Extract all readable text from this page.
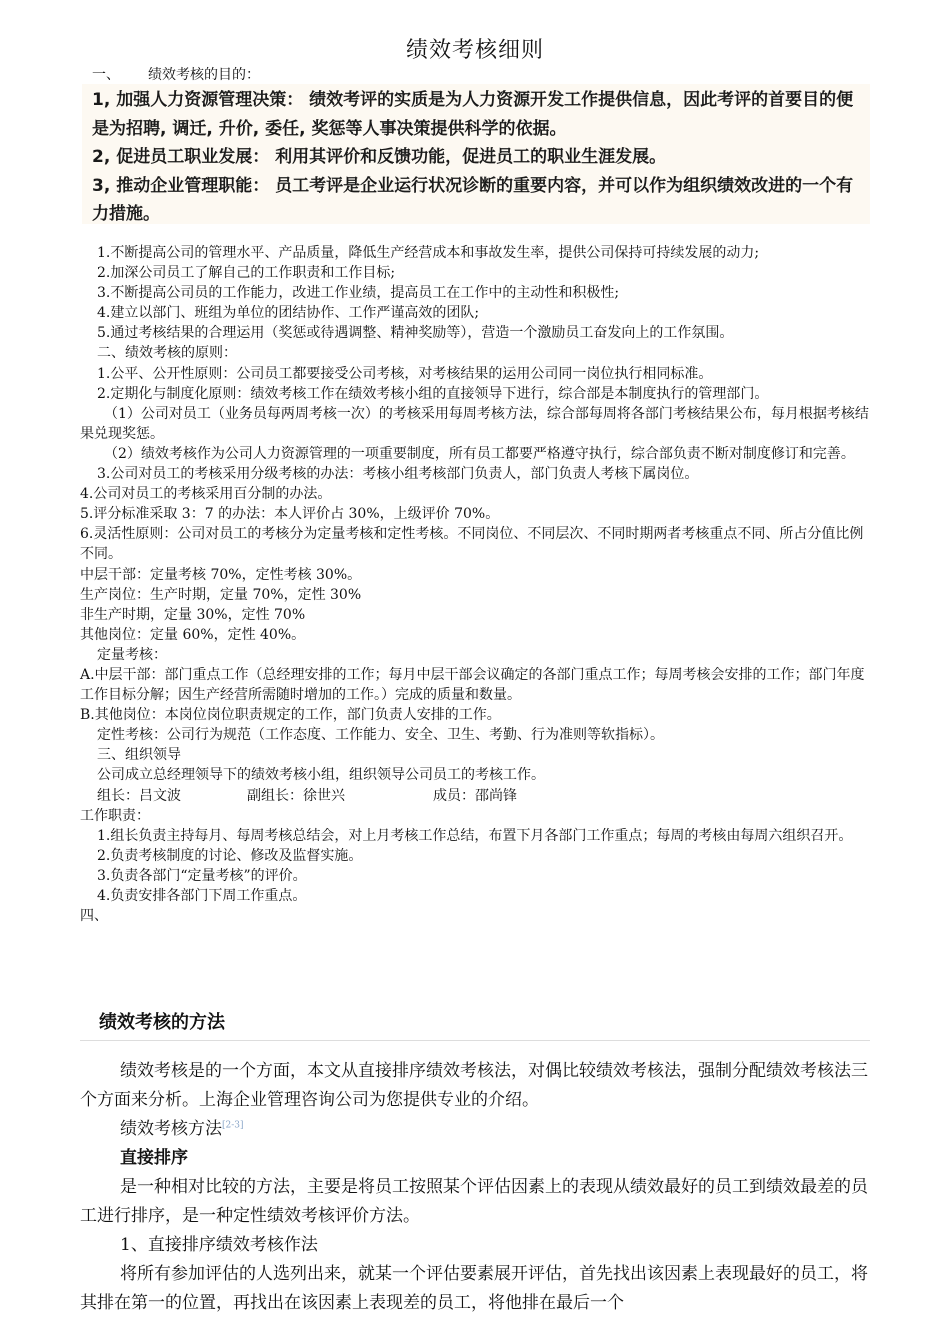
绩效考核细则
一、 绩效考核的目的：

1, 加强人力资源管理决策： 绩效考评的实质是为人力资源开发工作提供信息，因此考评的首要目的便是为招聘, 调迁, 升价, 委任, 奖惩等人事决策提供科学的依据。

2, 促进员工职业发展： 利用其评价和反馈功能，促进员工的职业生涯发展。

3, 推动企业管理职能： 员工考评是企业运行状况诊断的重要内容，并可以作为组织绩效改进的一个有力措施。

1.不断提高公司的管理水平、产品质量，降低生产经营成本和事故发生率，提供公司保持可持续发展的动力;

2.加深公司员工了解自己的工作职责和工作目标;

3.不断提高公司员的工作能力，改进工作业绩，提高员工在工作中的主动性和积极性;

4.建立以部门、班组为单位的团结协作、工作严谨高效的团队;

5.通过考核结果的合理运用（奖惩或待遇调整、精神奖励等），营造一个激励员工奋发向上的工作氛围。

二、绩效考核的原则：

1.公平、公开性原则：公司员工都要接受公司考核，对考核结果的运用公司同一岗位执行相同标准。

2.定期化与制度化原则：绩效考核工作在绩效考核小组的直接领导下进行，综合部是本制度执行的管理部门。

（1）公司对员工（业务员每两周考核一次）的考核采用每周考核方法，综合部每周将各部门考核结果公布，每月根据考核结果兑现奖惩。

（2）绩效考核作为公司人力资源管理的一项重要制度，所有员工都要严格遵守执行，综合部负责不断对制度修订和完善。

3.公司对员工的考核采用分级考核的办法：考核小组考核部门负责人，部门负责人考核下属岗位。

4.公司对员工的考核采用百分制的办法。

5.评分标准采取 3：7 的办法：本人评价占 30%，上级评价 70%。

6.灵活性原则：公司对员工的考核分为定量考核和定性考核。不同岗位、不同层次、不同时期两者考核重点不同、所占分值比例不同。

中层干部：定量考核 70%，定性考核 30%。

生产岗位：生产时期，定量 70%，定性 30%

非生产时期，定量 30%，定性 70%

其他岗位：定量 60%，定性 40%。

定量考核：

A.中层干部：部门重点工作（总经理安排的工作；每月中层干部会议确定的各部门重点工作；每周考核会安排的工作；部门年度工作目标分解；因生产经营所需随时增加的工作。）完成的质量和数量。

B.其他岗位：本岗位岗位职责规定的工作，部门负责人安排的工作。

定性考核：公司行为规范（工作态度、工作能力、安全、卫生、考勤、行为准则等软指标）。

三、组织领导

公司成立总经理领导下的绩效考核小组，组织领导公司员工的考核工作。

组长：吕文波	副组长：徐世兴	成员：邵尚锋

工作职责：

1.组长负责主持每月、每周考核总结会，对上月考核工作总结，布置下月各部门工作重点；每周的考核由每周六组织召开。

2.负责考核制度的讨论、修改及监督实施。

3.负责各部门“定量考核”的评价。

4.负责安排各部门下周工作重点。

四、

绩效考核的方法

绩效考核是的一个方面，本文从直接排序绩效考核法，对偶比较绩效考核法，强制分配绩效考核法三个方面来分析。上海企业管理咨询公司为您提供专业的介绍。

绩效考核方法[2-3]

直接排序

是一种相对比较的方法，主要是将员工按照某个评估因素上的表现从绩效最好的员工到绩效最差的员工进行排序，是一种定性绩效考核评价方法。

1、直接排序绩效考核作法

将所有参加评估的人选列出来，就某一个评估要素展开评估，首先找出该因素上表现最好的员工，将其排在第一的位置，再找出在该因素上表现差的员工，将他排在最后一个
